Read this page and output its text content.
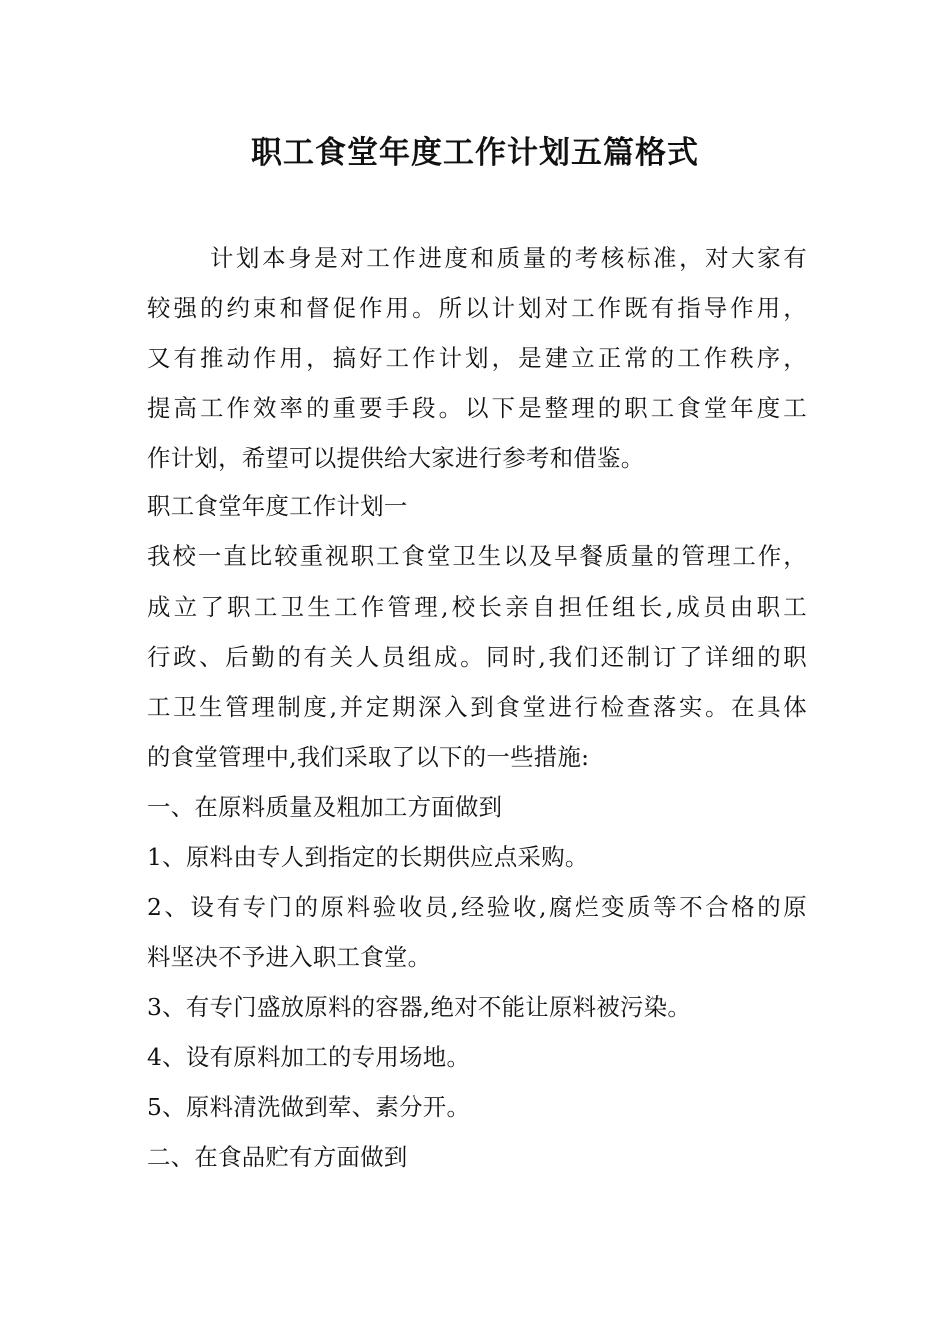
职工食堂年度工作计划五篇格式
计划本身是对工作进度和质量的考核标准，对大家有
较强的约束和督促作用。所以计划对工作既有指导作用，
又有推动作用，搞好工作计划，是建立正常的工作秩序，
提高工作效率的重要手段。以下是整理的职工食堂年度工
作计划，希望可以提供给大家进行参考和借鉴。
职工食堂年度工作计划一
我校一直比较重视职工食堂卫生以及早餐质量的管理工作，
成立了职工卫生工作管理,校长亲自担任组长,成员由职工
行政、后勤的有关人员组成。同时,我们还制订了详细的职
工卫生管理制度,并定期深入到食堂进行检查落实。在具体
的食堂管理中,我们采取了以下的一些措施:
一、在原料质量及粗加工方面做到
1、原料由专人到指定的长期供应点采购。
2、设有专门的原料验收员,经验收,腐烂变质等不合格的原
料坚决不予进入职工食堂。
3、有专门盛放原料的容器,绝对不能让原料被污染。
4、设有原料加工的专用场地。
5、原料清洗做到荤、素分开。
二、在食品贮有方面做到
